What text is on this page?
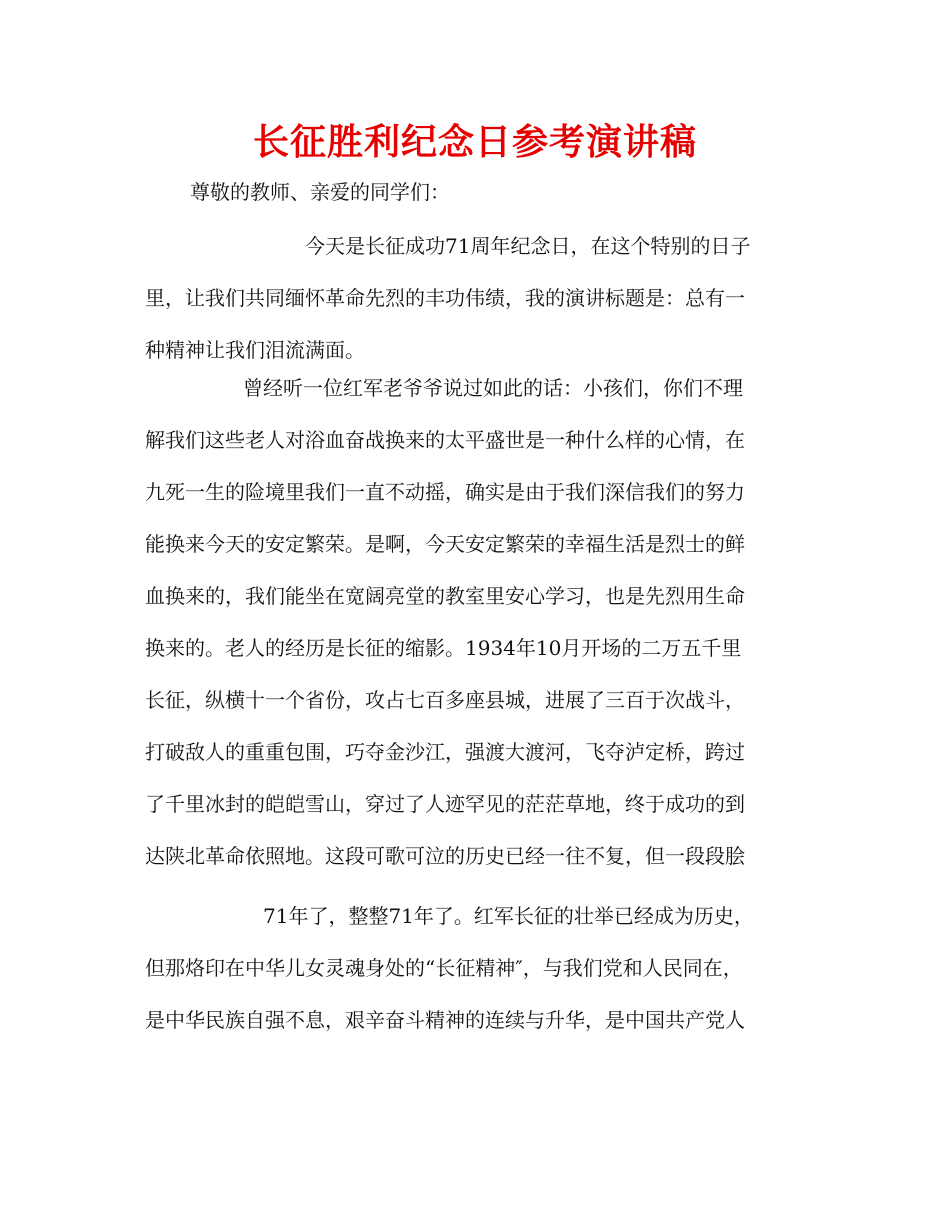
长征胜利纪念日参考演讲稿
尊敬的教师、亲爱的同学们：
今天是长征成功71周年纪念日，在这个特别的日子
里，让我们共同缅怀革命先烈的丰功伟绩，我的演讲标题是：总有一
种精神让我们泪流满面。
曾经听一位红军老爷爷说过如此的话：小孩们，你们不理
解我们这些老人对浴血奋战换来的太平盛世是一种什么样的心情，在
九死一生的险境里我们一直不动摇，确实是由于我们深信我们的努力
能换来今天的安定繁荣。是啊，今天安定繁荣的幸福生活是烈士的鲜
血换来的，我们能坐在宽阔亮堂的教室里安心学习，也是先烈用生命
换来的。老人的经历是长征的缩影。1934年10月开场的二万五千里
长征，纵横十一个省份，攻占七百多座县城，进展了三百于次战斗，
打破敌人的重重包围，巧夺金沙江，强渡大渡河，飞夺泸定桥，跨过
了千里冰封的皑皑雪山，穿过了人迹罕见的茫茫草地，终于成功的到
达陕北革命依照地。这段可歌可泣的历史已经一往不复，但一段段脍
71年了，整整71年了。红军长征的壮举已经成为历史，
但那烙印在中华儿女灵魂身处的“长征精神″，与我们党和人民同在，
是中华民族自强不息，艰辛奋斗精神的连续与升华，是中国共产党人
